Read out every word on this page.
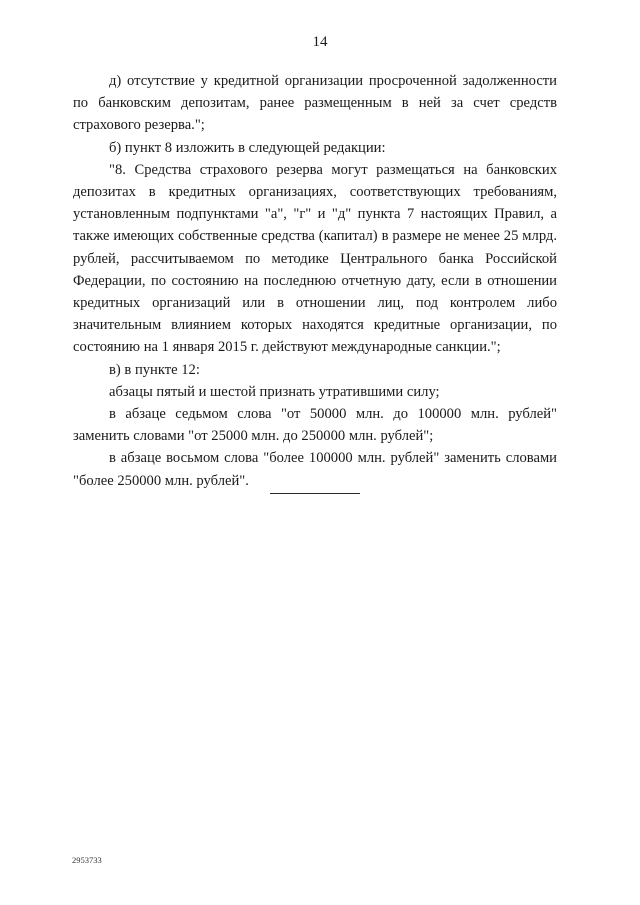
14

д) отсутствие у кредитной организации просроченной задолженности по банковским депозитам, ранее размещенным в ней за счет средств страхового резерва.";

б) пункт 8 изложить в следующей редакции:

"8. Средства страхового резерва могут размещаться на банковских депозитах в кредитных организациях, соответствующих требованиям, установленным подпунктами "а", "г" и "д" пункта 7 настоящих Правил, а также имеющих собственные средства (капитал) в размере не менее 25 млрд. рублей, рассчитываемом по методике Центрального банка Российской Федерации, по состоянию на последнюю отчетную дату, если в отношении кредитных организаций или в отношении лиц, под контролем либо значительным влиянием которых находятся кредитные организации, по состоянию на 1 января 2015 г. действуют международные санкции.";

в) в пункте 12:

абзацы пятый и шестой признать утратившими силу;

в абзаце седьмом слова "от 50000 млн. до 100000 млн. рублей" заменить словами "от 25000 млн. до 250000 млн. рублей";

в абзаце восьмом слова "более 100000 млн. рублей" заменить словами "более 250000 млн. рублей".

2953733
